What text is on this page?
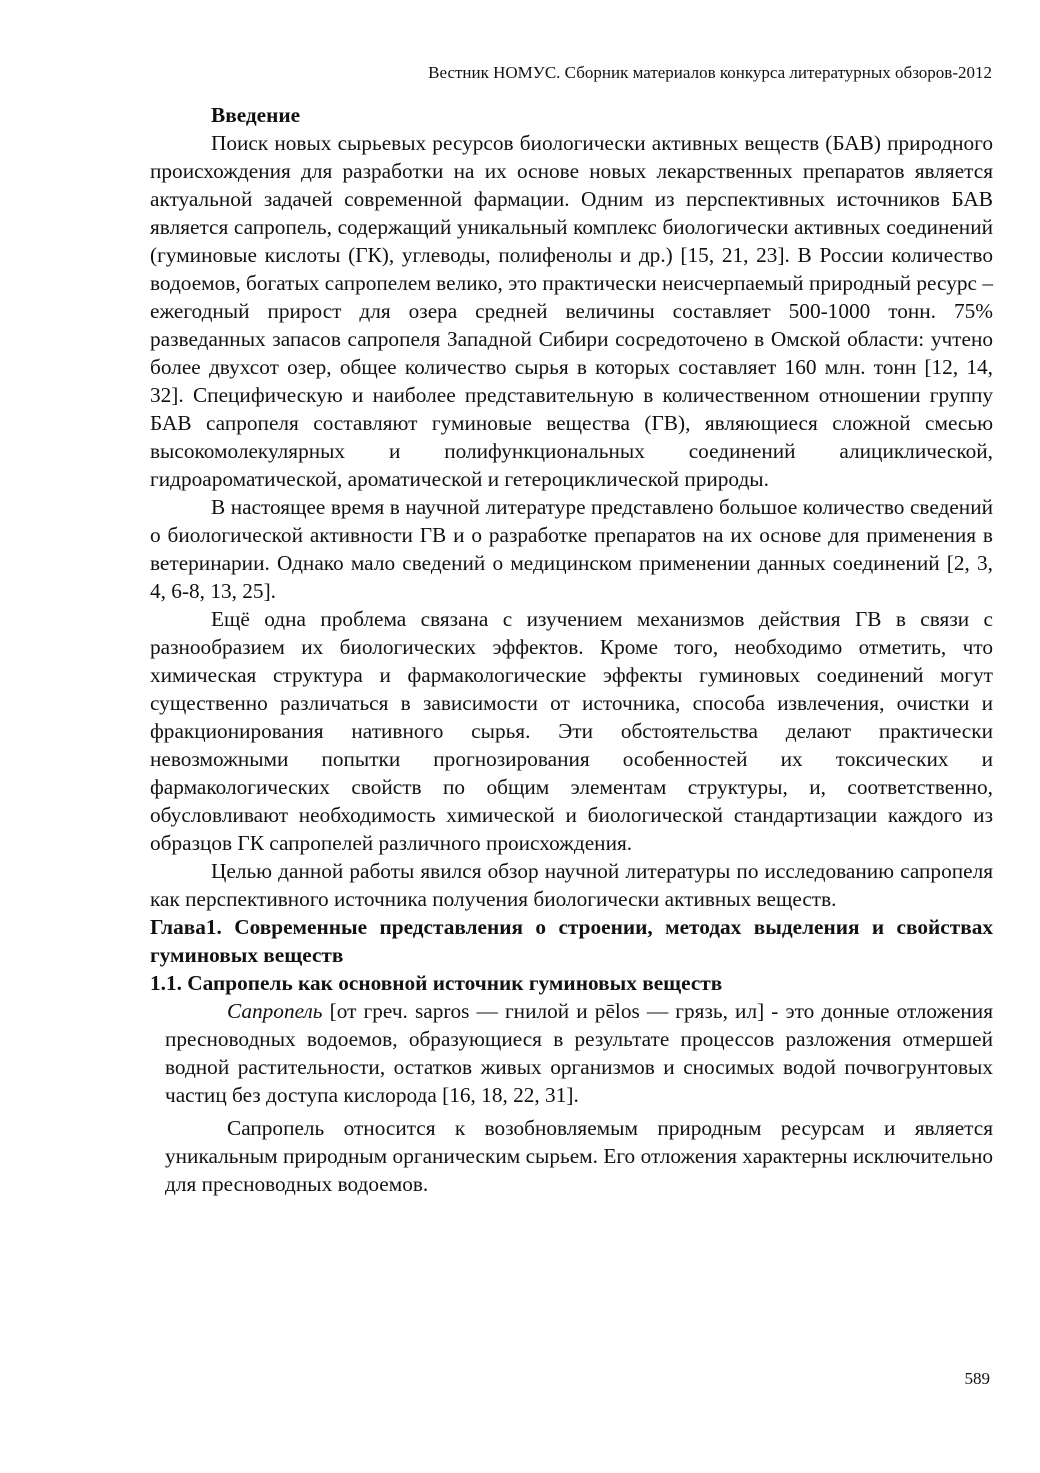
Вестник НОМУС. Сборник материалов конкурса литературных обзоров-2012
Введение

Поиск новых сырьевых ресурсов биологически активных веществ (БАВ) природного происхождения для разработки на их основе новых лекарственных препаратов является актуальной задачей современной фармации. Одним из перспективных источников БАВ является сапропель, содержащий уникальный комплекс биологически активных соединений (гуминовые кислоты (ГК), углеводы, полифенолы и др.) [15, 21, 23]. В России количество водоемов, богатых сапропелем велико, это практически неисчерпаемый природный ресурс – ежегодный прирост для озера средней величины составляет 500-1000 тонн. 75% разведанных запасов сапропеля Западной Сибири сосредоточено в Омской области: учтено более двухсот озер, общее количество сырья в которых составляет 160 млн. тонн [12, 14, 32]. Специфическую и наиболее представительную в количественном отношении группу БАВ сапропеля составляют гуминовые вещества (ГВ), являющиеся сложной смесью высокомолекулярных и полифункциональных соединений алициклической, гидроароматической, ароматической и гетероциклической природы.

В настоящее время в научной литературе представлено большое количество сведений о биологической активности ГВ и о разработке препаратов на их основе для применения в ветеринарии. Однако мало сведений о медицинском применении данных соединений [2, 3, 4, 6-8, 13, 25].

Ещё одна проблема связана с изучением механизмов действия ГВ в связи с разнообразием их биологических эффектов. Кроме того, необходимо отметить, что химическая структура и фармакологические эффекты гуминовых соединений могут существенно различаться в зависимости от источника, способа извлечения, очистки и фракционирования нативного сырья. Эти обстоятельства делают практически невозможными попытки прогнозирования особенностей их токсических и фармакологических свойств по общим элементам структуры, и, соответственно, обусловливают необходимость химической и биологической стандартизации каждого из образцов ГК сапропелей различного происхождения.

Целью данной работы явился обзор научной литературы по исследованию сапропеля как перспективного источника получения биологически активных веществ.

Глава1. Современные представления о строении, методах выделения и свойствах гуминовых веществ
1.1. Сапропель как основной источник гуминовых веществ

Сапропель [от греч. sapros — гнилой и pēlos — грязь, ил] - это донные отложения пресноводных водоемов, образующиеся в результате процессов разложения отмершей водной растительности, остатков живых организмов и сносимых водой почвогрунтовых частиц без доступа кислорода [16, 18, 22, 31].

Сапропель относится к возобновляемым природным ресурсам и является уникальным природным органическим сырьем. Его отложения характерны исключительно для пресноводных водоемов.

589
